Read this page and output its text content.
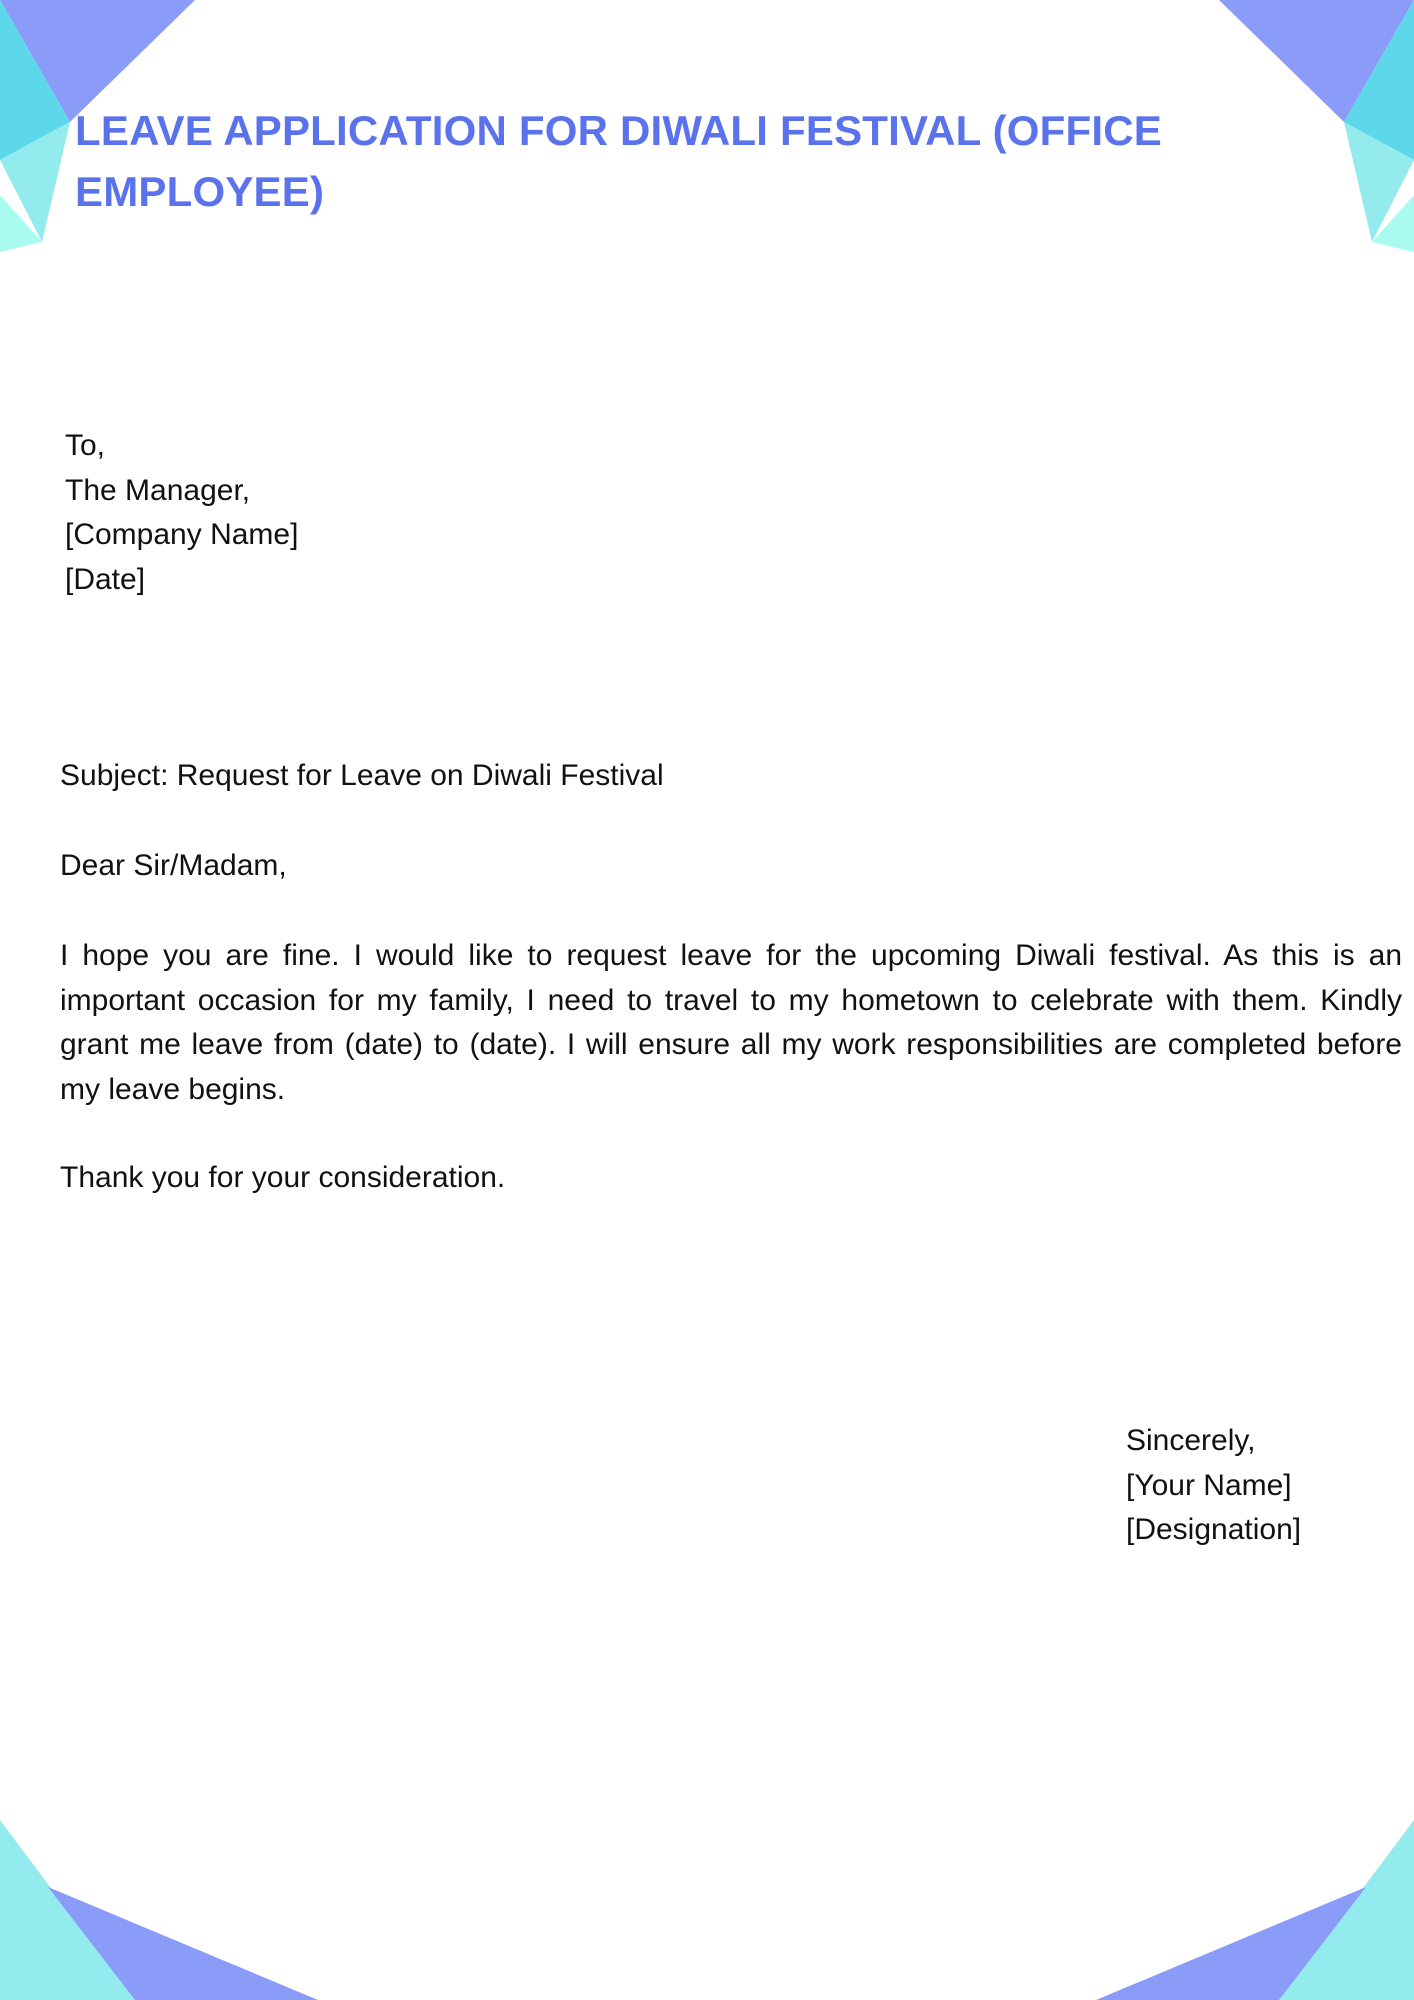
LEAVE APPLICATION FOR DIWALI FESTIVAL (OFFICE EMPLOYEE)
To,
The Manager,
[Company Name]
[Date]

Subject: Request for Leave on Diwali Festival

Dear Sir/Madam,

I hope you are fine. I would like to request leave for the upcoming Diwali festival. As this is an important occasion for my family, I need to travel to my hometown to celebrate with them. Kindly grant me leave from (date) to (date). I will ensure all my work responsibilities are completed before my leave begins.

Thank you for your consideration.

Sincerely,
[Your Name]
[Designation]
